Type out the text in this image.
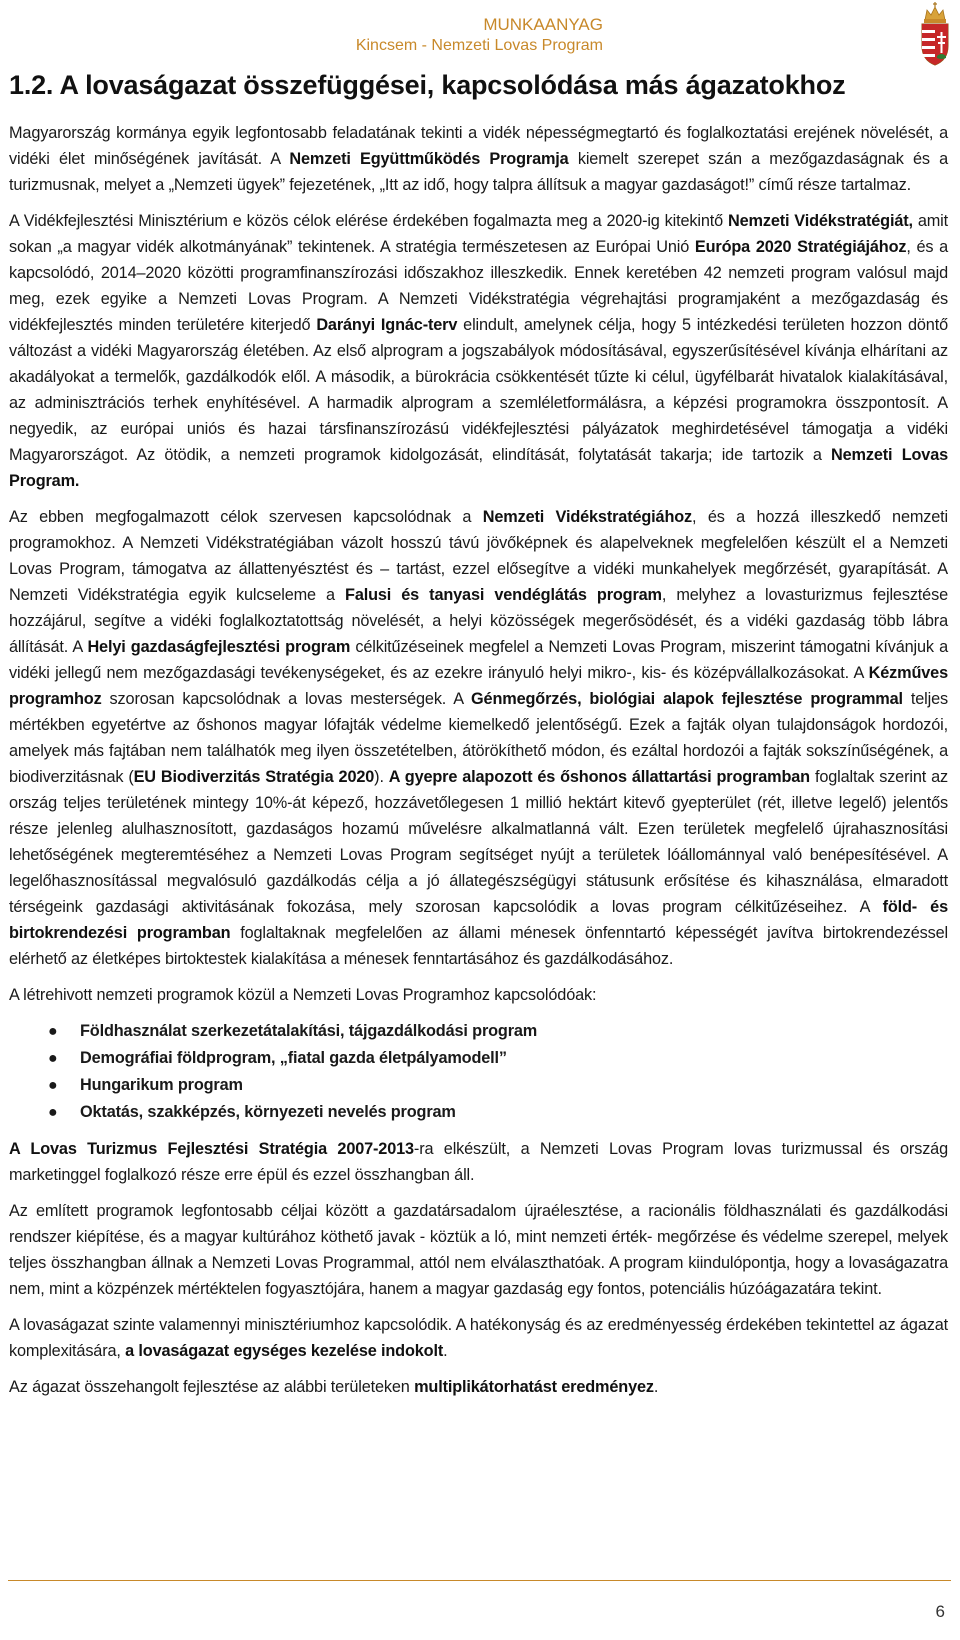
MUNKAANYAG
Kincsem - Nemzeti Lovas Program
1.2. A lovaságazat összefüggései, kapcsolódása más ágazatokhoz

Magyarország kormánya egyik legfontosabb feladatának tekinti a vidék népességmegtartó és foglalkoztatási erejének növelését, a vidéki élet minőségének javítását. A Nemzeti Együttműködés Programja kiemelt szerepet szán a mezőgazdaságnak és a turizmusnak, melyet a „Nemzeti ügyek” fejezetének, „Itt az idő, hogy talpra állítsuk a magyar gazdaságot!” című része tartalmaz.

A Vidékfejlesztési Minisztérium e közös célok elérése érdekében fogalmazta meg a 2020-ig kitekintő Nemzeti Vidékstratégiát, amit sokan „a magyar vidék alkotmányának” tekintenek. A stratégia természetesen az Európai Unió Európa 2020 Stratégiájához, és a kapcsolódó, 2014–2020 közötti programfinanszírozási időszakhoz illeszkedik. Ennek keretében 42 nemzeti program valósul majd meg, ezek egyike a Nemzeti Lovas Program. A Nemzeti Vidékstratégia végrehajtási programjaként a mezőgazdaság és vidékfejlesztés minden területére kiterjedő Darányi Ignác-terv elindult, amelynek célja, hogy 5 intézkedési területen hozzon döntő változást a vidéki Magyarország életében. Az első alprogram a jogszabályok módosításával, egyszerűsítésével kívánja elhárítani az akadályokat a termelők, gazdálkodók elől. A második, a bürokrácia csökkentését tűzte ki célul, ügyfélbarát hivatalok kialakításával, az adminisztrációs terhek enyhítésével. A harmadik alprogram a szemléletformálásra, a képzési programokra összpontosít. A negyedik, az európai uniós és hazai társfinanszírozású vidékfejlesztési pályázatok meghirdetésével támogatja a vidéki Magyarországot. Az ötödik, a nemzeti programok kidolgozását, elindítását, folytatását takarja; ide tartozik a Nemzeti Lovas Program.

Az ebben megfogalmazott célok szervesen kapcsolódnak a Nemzeti Vidékstratégiához, és a hozzá illeszkedő nemzeti programokhoz. A Nemzeti Vidékstratégiában vázolt hosszú távú jövőképnek és alapelveknek megfelelően készült el a Nemzeti Lovas Program, támogatva az állattenyésztést és – tartást, ezzel elősegítve a vidéki munkahelyek megőrzését, gyarapítását. A Nemzeti Vidékstratégia egyik kulcseleme a Falusi és tanyasi vendéglátás program, melyhez a lovasturizmus fejlesztése hozzájárul, segítve a vidéki foglalkoztatottság növelését, a helyi közösségek megerősödését, és a vidéki gazdaság több lábra állítását. A Helyi gazdaságfejlesztési program célkitűzéseinek megfelel a Nemzeti Lovas Program, miszerint támogatni kívánjuk a vidéki jellegű nem mezőgazdasági tevékenységeket, és az ezekre irányuló helyi mikro-, kis- és középvállalkozásokat. A Kézműves programhoz szorosan kapcsolódnak a lovas mesterségek. A Génmegőrzés, biológiai alapok fejlesztése programmal teljes mértékben egyetértve az őshonos magyar lófajták védelme kiemelkedő jelentőségű. Ezek a fajták olyan tulajdonságok hordozói, amelyek más fajtában nem találhatók meg ilyen összetételben, átörökíthető módon, és ezáltal hordozói a fajták sokszínűségének, a biodiverzitásnak (EU Biodiverzitás Stratégia 2020). A gyepre alapozott és őshonos állattartási programban foglaltak szerint az ország teljes területének mintegy 10%-át képező, hozzávetőlegesen 1 millió hektárt kitevő gyepterület (rét, illetve legelő) jelentős része jelenleg alulhasznosított, gazdaságos hozamú művelésre alkalmatlanná vált. Ezen területek megfelelő újrahasznosítási lehetőségének megteremtéséhez a Nemzeti Lovas Program segítséget nyújt a területek lóállománnyal való benépesítésével. A legelőhasznosítással megvalósuló gazdálkodás célja a jó állategészségügyi státusunk erősítése és kihasználása, elmaradott térségeink gazdasági aktivitásának fokozása, mely szorosan kapcsolódik a lovas program célkitűzéseihez. A föld- és birtokrendezési programban foglaltaknak megfelelően az állami ménesek önfenntartó képességét javítva birtokrendezéssel elérhető az életképes birtoktestek kialakítása a ménesek fenntartásához és gazdálkodásához.

A létrehivott nemzeti programok közül a Nemzeti Lovas Programhoz kapcsolódóak:

● Földhasználat szerkezetátalakítási, tájgazdálkodási program
● Demográfiai földprogram, „fiatal gazda életpályamodell”
● Hungarikum program
● Oktatás, szakképzés, környezeti nevelés program

A Lovas Turizmus Fejlesztési Stratégia 2007-2013-ra elkészült, a Nemzeti Lovas Program lovas turizmussal és ország marketinggel foglalkozó része erre épül és ezzel összhangban áll.

Az említett programok legfontosabb céljai között a gazdatársadalom újraélesztése, a racionális földhasználati és gazdálkodási rendszer kiépítése, és a magyar kultúrához köthető javak - köztük a ló, mint nemzeti érték- megőrzése és védelme szerepel, melyek teljes összhangban állnak a Nemzeti Lovas Programmal, attól nem elválaszthatóak. A program kiindulópontja, hogy a lovaságazatra nem, mint a közpénzek mértéktelen fogyasztójára, hanem a magyar gazdaság egy fontos, potenciális húzóágazatára tekint.

A lovaságazat szinte valamennyi minisztériumhoz kapcsolódik. A hatékonyság és az eredményesség érdekében tekintettel az ágazat komplexitására, a lovaságazat egységes kezelése indokolt.

Az ágazat összehangolt fejlesztése az alábbi területeken multiplikátorhatást eredményez.

6
